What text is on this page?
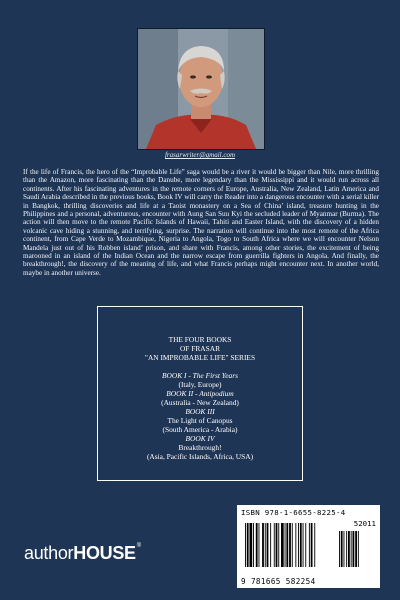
frasarwriter@gmail.com
If the life of Francis, the hero of the “Improbable Life” saga would be a river it would be bigger than Nile, more thrilling than the Amazon, more fascinating than the Danube, more legendary than the Mississippi and it would run across all continents. After his fascinating adventures in the remote corners of Europe, Australia, New Zealand, Latin America and Saudi Arabia described in the previous books, Book IV will carry the Reader into a dangerous encounter with a serial killer in Bangkok, thrilling discoveries and life at a Taoist monastery on a Sea of China’ island, treasure hunting in the Philippines and a personal, adventurous, encounter with Aung San Suu Kyi the secluded leader of Myanmar (Burma). The action will then move to the remote Pacific Islands of Hawaii, Tahiti and Easter Island, with the discovery of a hidden volcanic cave hiding a stunning, and terrifying, surprise. The narration will continue into the most remote of the Africa continent, from Cape Verde to Mozambique, Nigeria to Angola, Togo to South Africa where we will encounter Nelson Mandela just out of his Robben island’ prison, and share with Francis, among other stories, the excitement of being marooned in an island of the Indian Ocean and the narrow escape from guerrilla fighters in Angola. And finally, the breakthrough!, the discovery of the meaning of life, and what Francis perhaps might encounter next. In another world, maybe in another universe.
THE FOUR BOOKS
OF FRASAR
"AN IMPROBABLE LIFE" SERIES
BOOK I - The First Years
(Italy, Europe)
BOOK II - Antipodium
(Australia - New Zealand)
BOOK III
The Light of Canopus
(South America - Arabia)
BOOK IV
Breakthrough!
(Asia, Pacific Islands, Africa, USA)
ISBN 978-1-6655-8225-4
52011
9 781665 582254
authorHOUSE®
